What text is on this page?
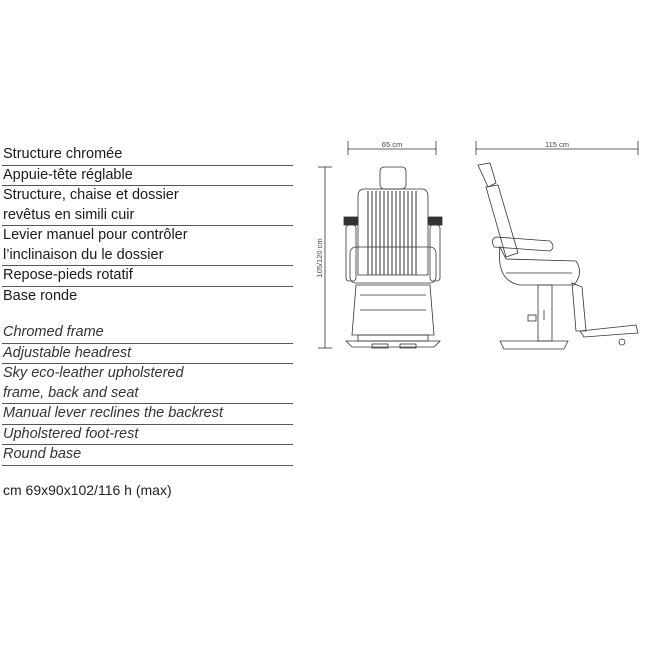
Structure chromée
Appuie-tête réglable
Structure, chaise et dossier
revêtus en simili cuir
Levier manuel pour contrôler
l’inclinaison du le dossier
Repose-pieds rotatif
Base ronde
Chromed frame
Adjustable headrest
Sky eco-leather upholstered
frame, back and seat
Manual lever reclines the backrest
Upholstered foot-rest
Round base
cm 69x90x102/116 h (max)
65 cm	115 cm
105/120 cm
